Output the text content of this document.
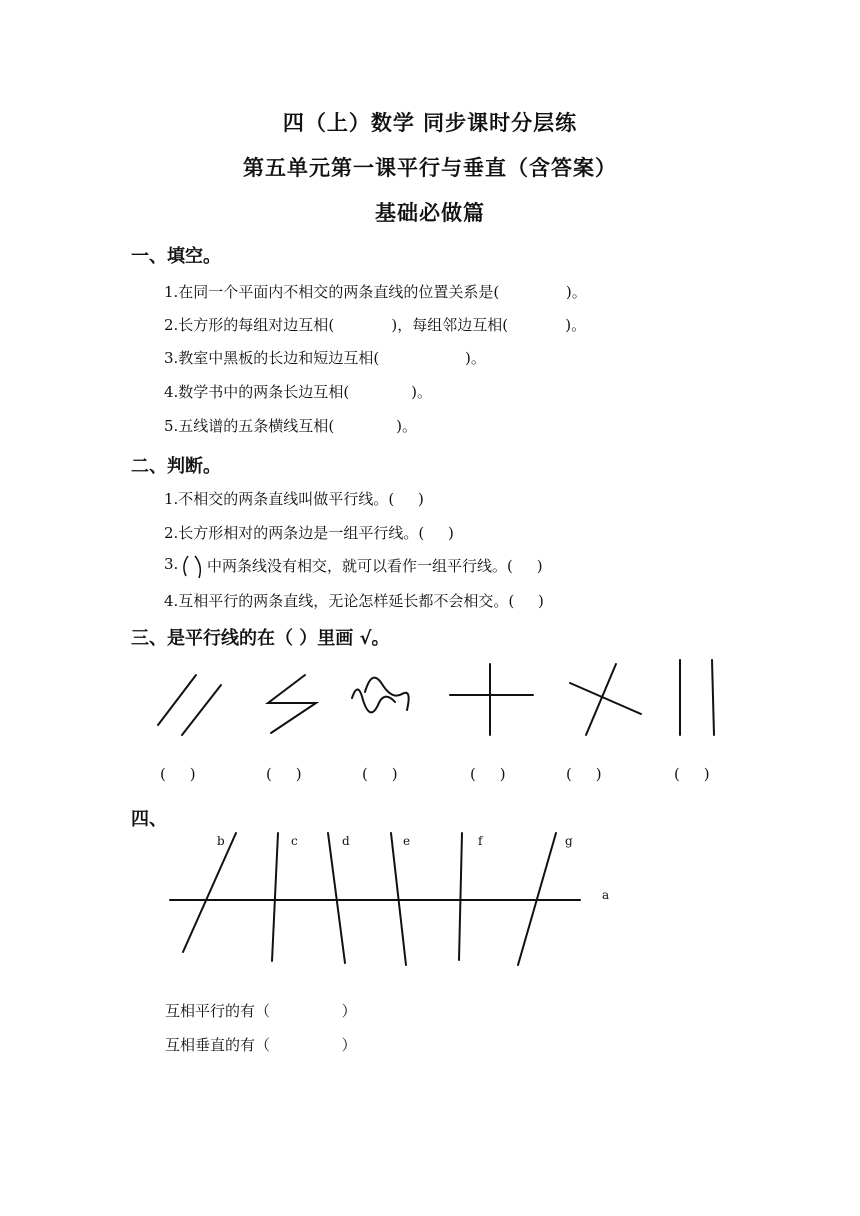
四（上）数学 同步课时分层练
第五单元第一课平行与垂直（含答案）
基础必做篇
一、填空。
1.在同一个平面内不相交的两条直线的位置关系是(              )。
2.长方形的每组对边互相(            )，每组邻边互相(            )。
3.教室中黑板的长边和短边互相(                  )。
4.数学书中的两条长边互相(             )。
5.五线谱的五条横线互相(             )。
二、判断。
1.不相交的两条直线叫做平行线。(     )
2.长方形相对的两条边是一组平行线。(     )
3. 中两条线没有相交，就可以看作一组平行线。(     )
4.互相平行的两条直线，无论怎样延长都不会相交。(     )
三、是平行线的在（ ）里画 √。
(     )	(     )	(     )	(     )	(     )	(     )
四、
b	c	d	e	f	g
a
互相平行的有（               ）
互相垂直的有（               ）
